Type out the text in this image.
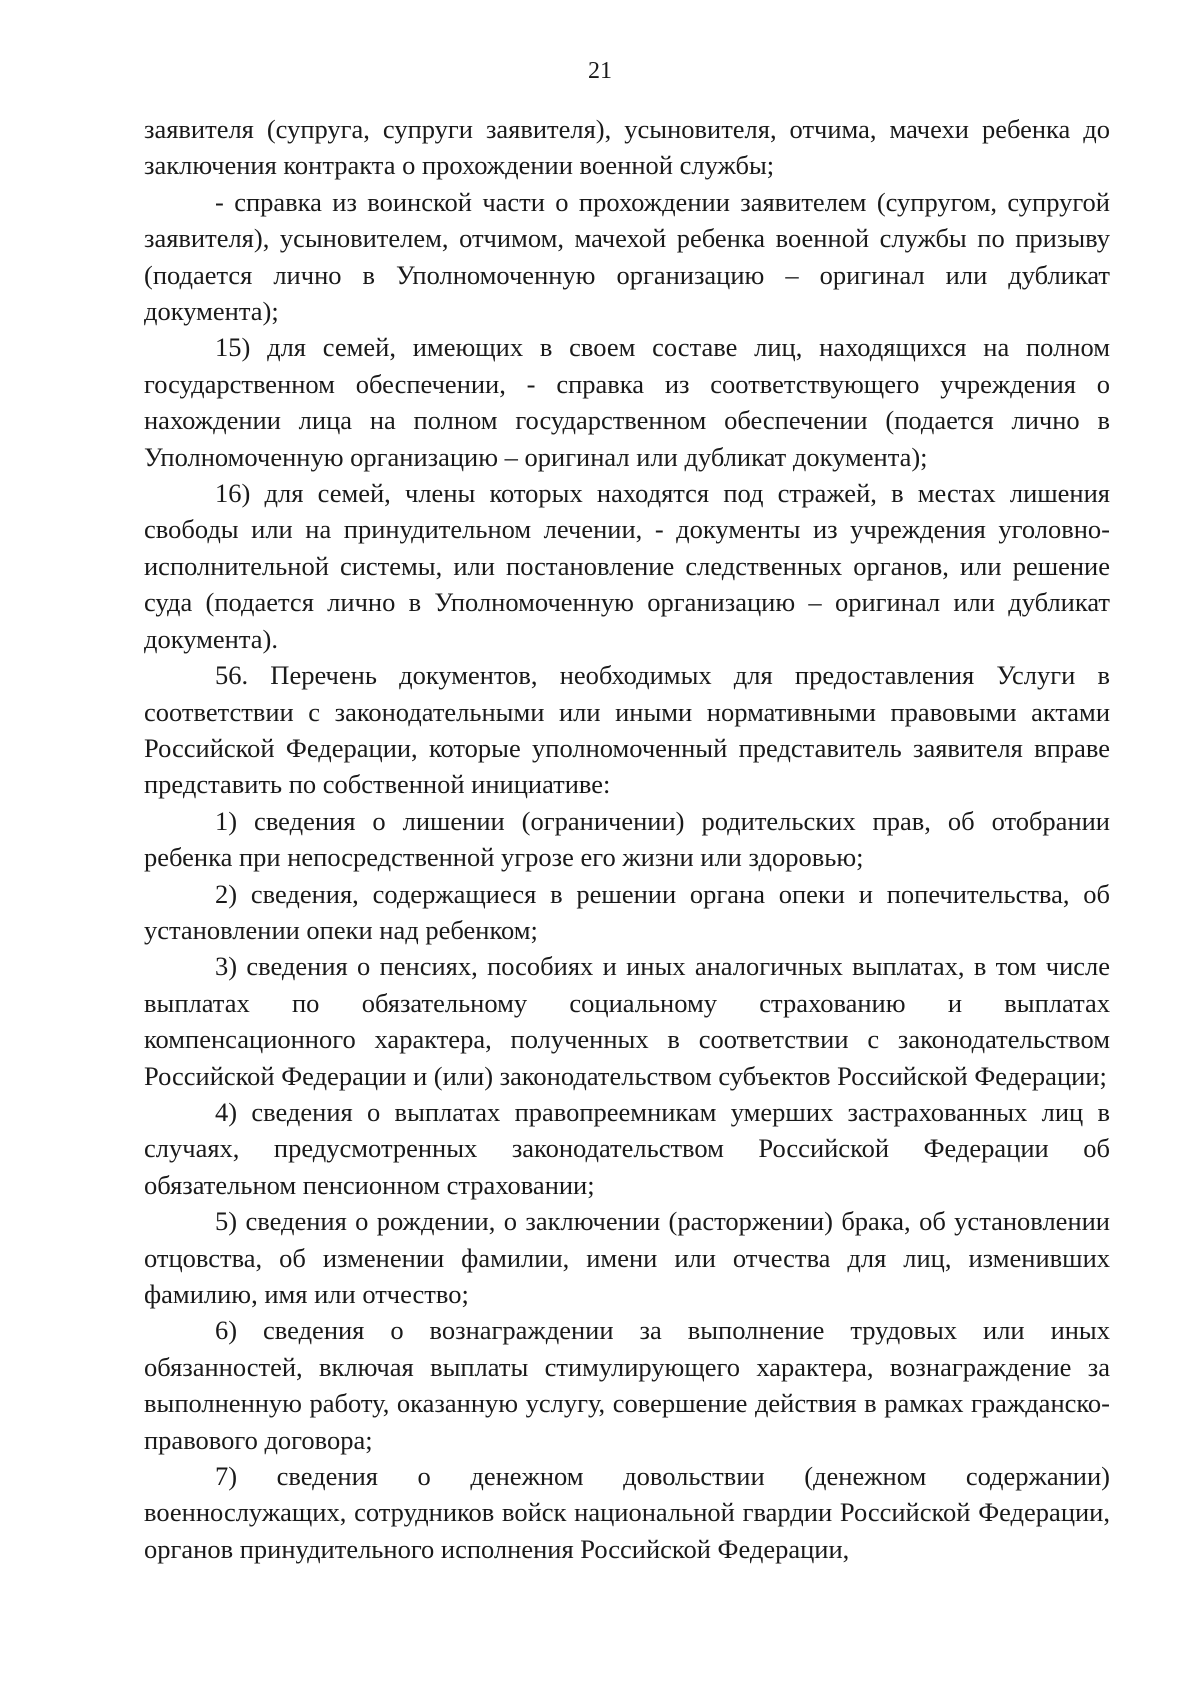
21

заявителя (супруга, супруги заявителя), усыновителя, отчима, мачехи ребенка до заключения контракта о прохождении военной службы;

- справка из воинской части о прохождении заявителем (супругом, супругой заявителя), усыновителем, отчимом, мачехой ребенка военной службы по призыву (подается лично в Уполномоченную организацию – оригинал или дубликат документа);

15) для семей, имеющих в своем составе лиц, находящихся на полном государственном обеспечении, - справка из соответствующего учреждения о нахождении лица на полном государственном обеспечении (подается лично в Уполномоченную организацию – оригинал или дубликат документа);

16) для семей, члены которых находятся под стражей, в местах лишения свободы или на принудительном лечении, - документы из учреждения уголовно-исполнительной системы, или постановление следственных органов, или решение суда (подается лично в Уполномоченную организацию – оригинал или дубликат документа).

56. Перечень документов, необходимых для предоставления Услуги в соответствии с законодательными или иными нормативными правовыми актами Российской Федерации, которые уполномоченный представитель заявителя вправе представить по собственной инициативе:

1) сведения о лишении (ограничении) родительских прав, об отобрании ребенка при непосредственной угрозе его жизни или здоровью;

2) сведения, содержащиеся в решении органа опеки и попечительства, об установлении опеки над ребенком;

3) сведения о пенсиях, пособиях и иных аналогичных выплатах, в том числе выплатах по обязательному социальному страхованию и выплатах компенсационного характера, полученных в соответствии с законодательством Российской Федерации и (или) законодательством субъектов Российской Федерации;

4) сведения о выплатах правопреемникам умерших застрахованных лиц в случаях, предусмотренных законодательством Российской Федерации об обязательном пенсионном страховании;

5) сведения о рождении, о заключении (расторжении) брака, об установлении отцовства, об изменении фамилии, имени или отчества для лиц, изменивших фамилию, имя или отчество;

6) сведения о вознаграждении за выполнение трудовых или иных обязанностей, включая выплаты стимулирующего характера, вознаграждение за выполненную работу, оказанную услугу, совершение действия в рамках гражданско-правового договора;

7) сведения о денежном довольствии (денежном содержании) военнослужащих, сотрудников войск национальной гвардии Российской Федерации, органов принудительного исполнения Российской Федерации,
